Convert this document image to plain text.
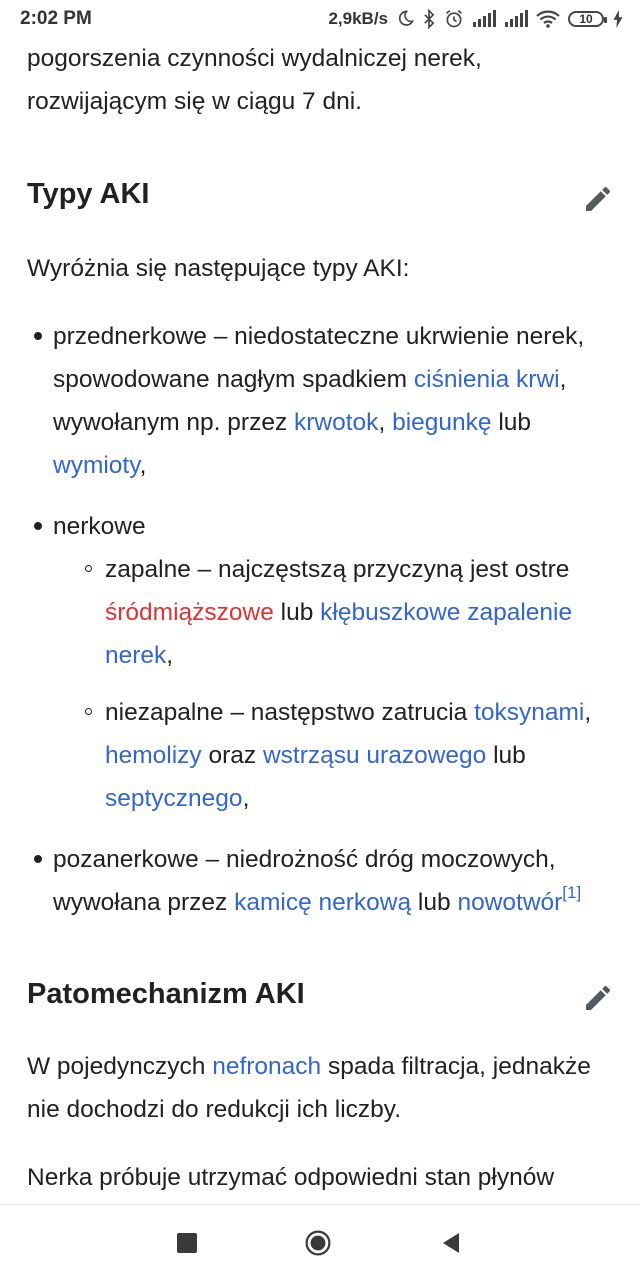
2:02 PM	2,9kB/s	10

pogorszenia czynności wydalniczej nerek,
rozwijającym się w ciągu 7 dni.

Typy AKI

Wyróżnia się następujące typy AKI:

przednerkowe – niedostateczne ukrwienie nerek, spowodowane nagłym spadkiem ciśnienia krwi, wywołanym np. przez krwotok, biegunkę lub wymioty,
nerkowe
zapalne – najczęstszą przyczyną jest ostre śródmiąższowe lub kłębuszkowe zapalenie nerek,
niezapalne – następstwo zatrucia toksynami, hemolizy oraz wstrząsu urazowego lub septycznego,
pozanerkowe – niedrożność dróg moczowych, wywołana przez kamicę nerkową lub nowotwór[1]
Patomechanizm AKI

W pojedynczych nefronach spada filtracja, jednakże nie dochodzi do redukcji ich liczby.

Nerka próbuje utrzymać odpowiedni stan płynów
